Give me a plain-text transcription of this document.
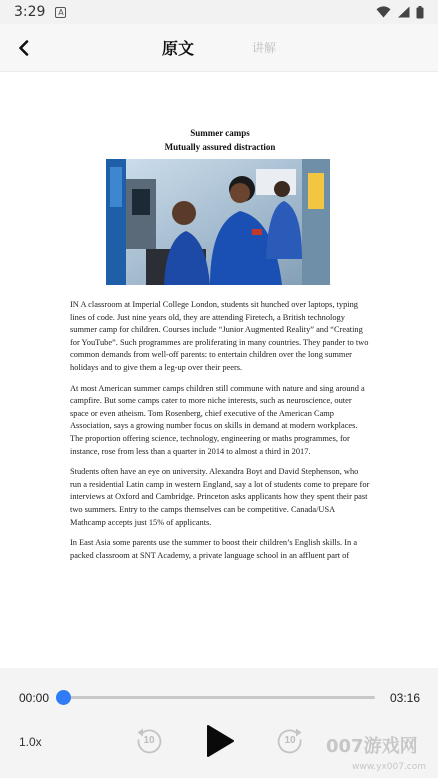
3:29	A
原文	讲解
Summer camps
Mutually assured distraction

IN A classroom at Imperial College London, students sit hunched over laptops, typing lines of code. Just nine years old, they are attending Firetech, a British technology summer camp for children. Courses include “Junior Augmented Reality” and “Creating for YouTube”. Such programmes are proliferating in many countries. They pander to two common demands from well-off parents: to entertain children over the long summer holidays and to give them a leg-up over their peers.

At most American summer camps children still commune with nature and sing around a campfire. But some camps cater to more niche interests, such as neuroscience, outer space or even atheism. Tom Rosenberg, chief executive of the American Camp Association, says a growing number focus on skills in demand at modern workplaces. The proportion offering science, technology, engineering or maths programmes, for instance, rose from less than a quarter in 2014 to almost a third in 2017.

Students often have an eye on university. Alexandra Boyt and David Stephenson, who run a residential Latin camp in western England, say a lot of students come to prepare for interviews at Oxford and Cambridge. Princeton asks applicants how they spent their past two summers. Entry to the camps themselves can be competitive. Canada/USA Mathcamp accepts just 15% of applicants.

In East Asia some parents use the summer to boost their children’s English skills. In a packed classroom at SNT Academy, a private language school in an affluent part of

00:00	03:16
1.0x	10	10	007游戏网
www.yx007.com
